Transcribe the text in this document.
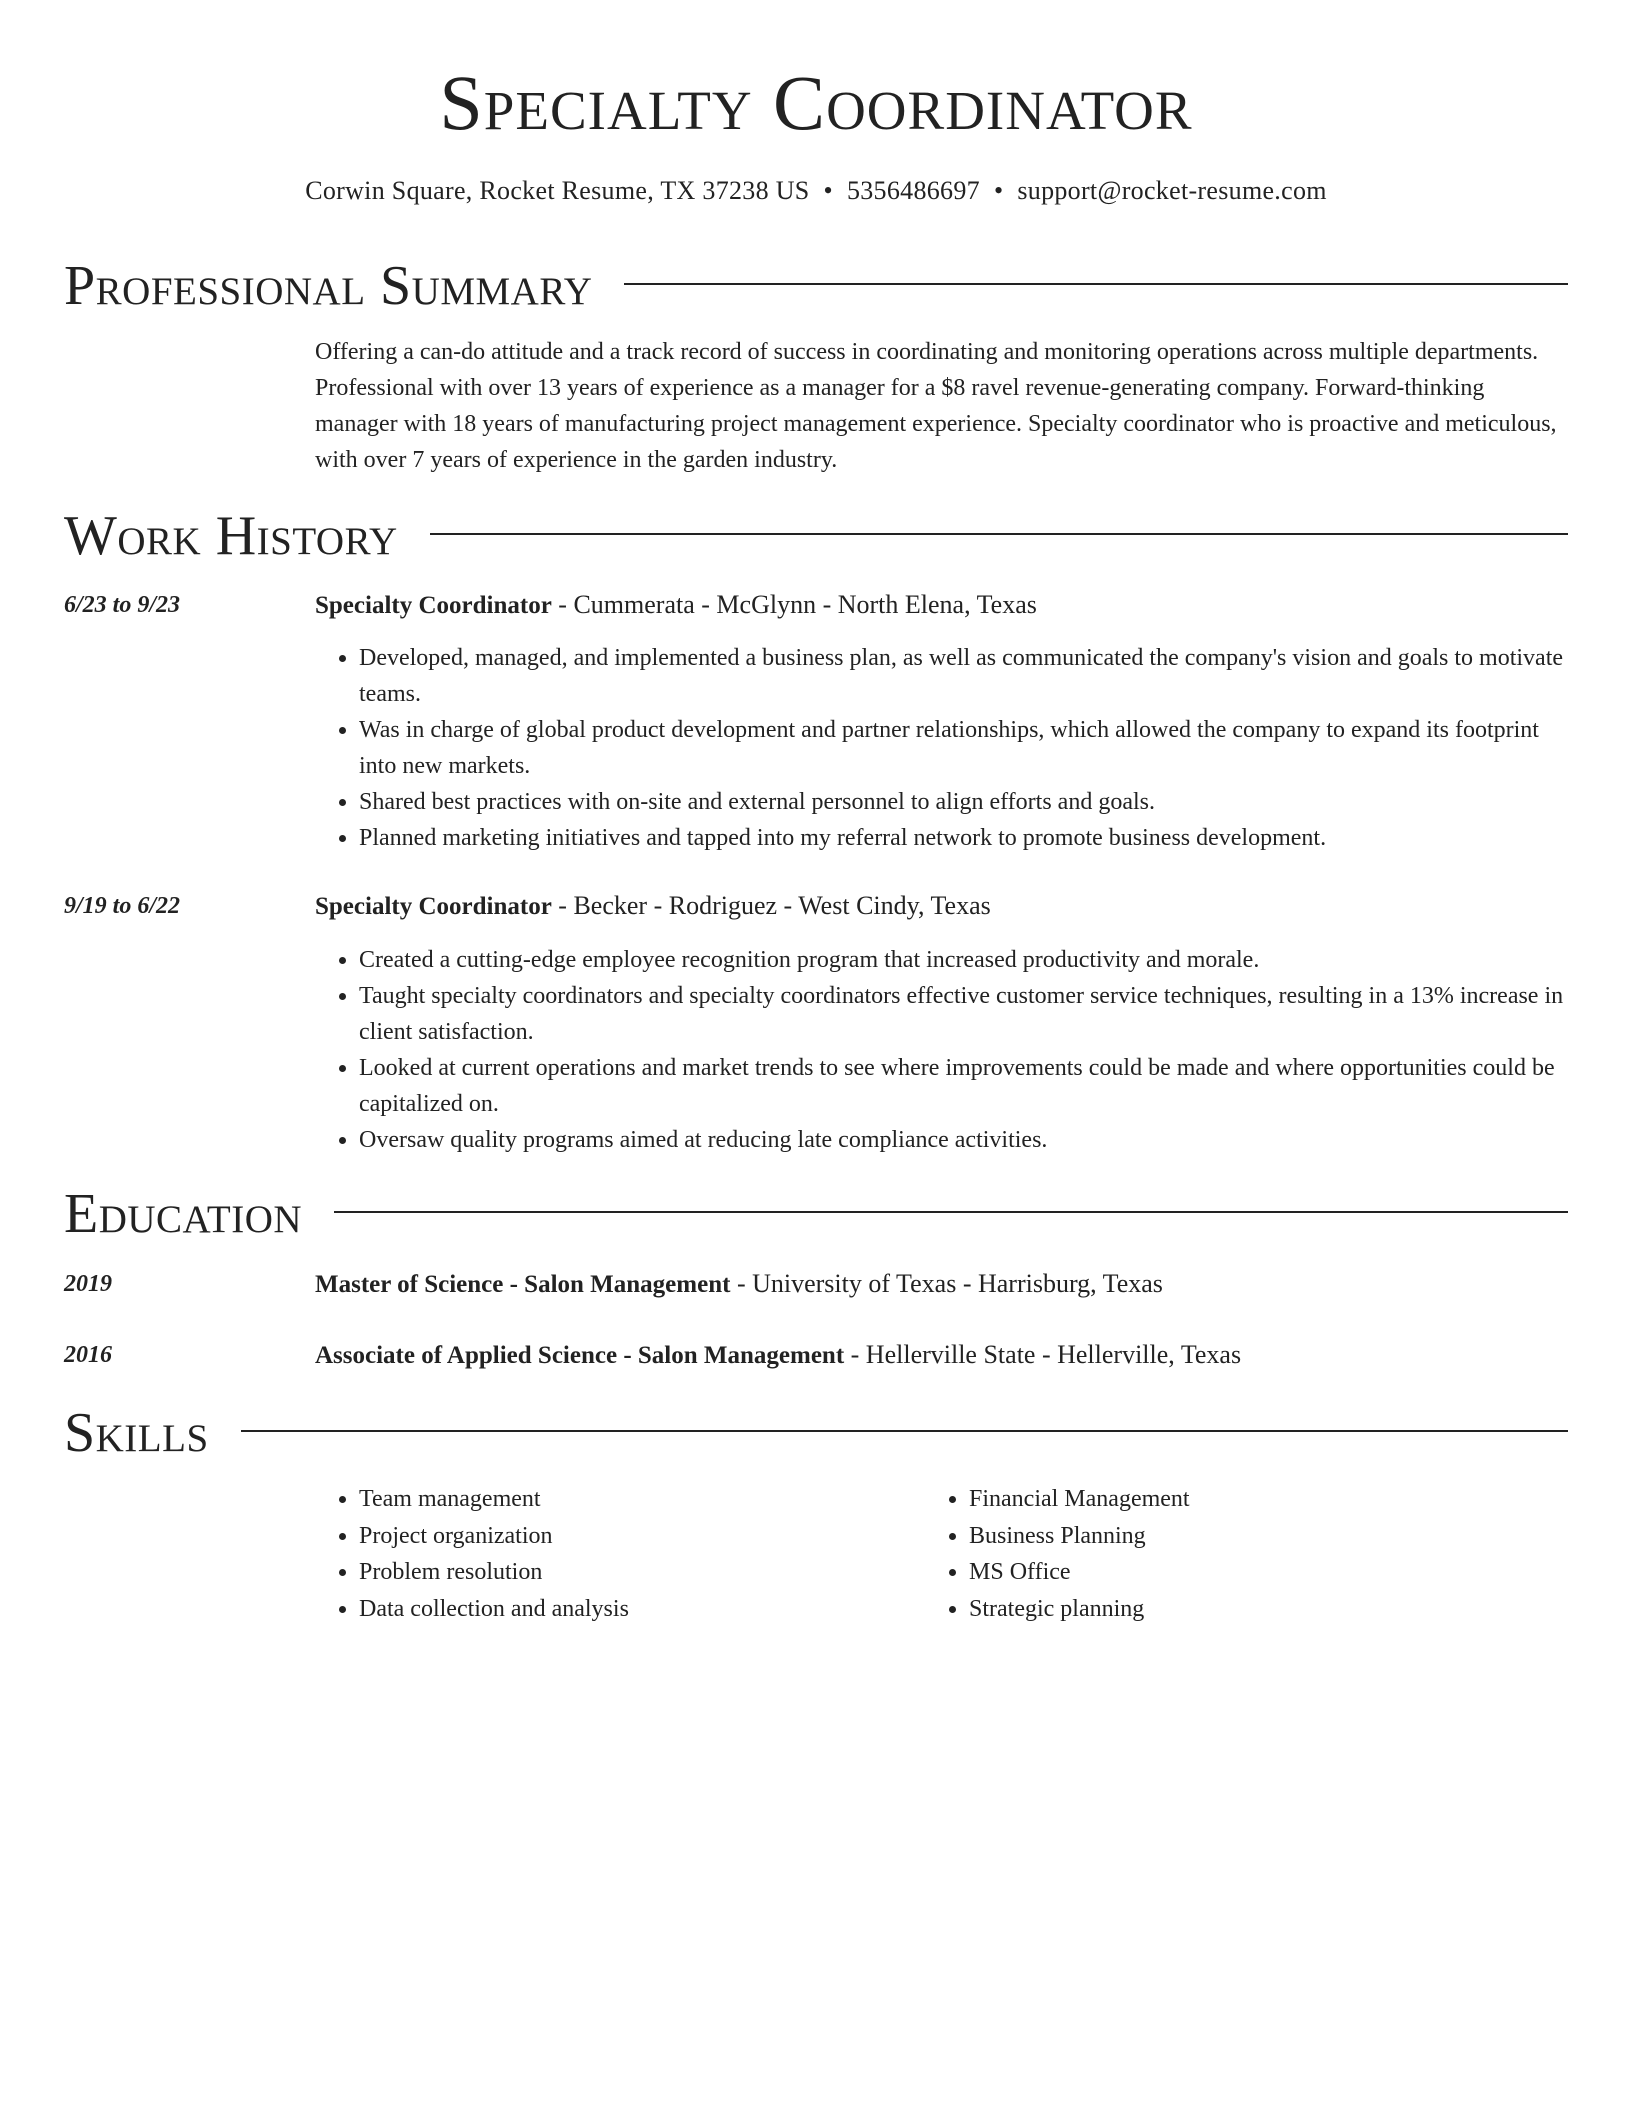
Specialty Coordinator
Corwin Square, Rocket Resume, TX 37238 US • 5356486697 • support@rocket-resume.com
Professional Summary

Offering a can-do attitude and a track record of success in coordinating and monitoring operations across multiple departments. Professional with over 13 years of experience as a manager for a $8 ravel revenue-generating company. Forward-thinking manager with 18 years of manufacturing project management experience. Specialty coordinator who is proactive and meticulous, with over 7 years of experience in the garden industry.

Work History
6/23 to 9/23	Specialty Coordinator - Cummerata - McGlynn - North Elena, Texas
• Developed, managed, and implemented a business plan, as well as communicated the company's vision and goals to motivate teams.
• Was in charge of global product development and partner relationships, which allowed the company to expand its footprint into new markets.
• Shared best practices with on-site and external personnel to align efforts and goals.
• Planned marketing initiatives and tapped into my referral network to promote business development.
9/19 to 6/22	Specialty Coordinator - Becker - Rodriguez - West Cindy, Texas
• Created a cutting-edge employee recognition program that increased productivity and morale.
• Taught specialty coordinators and specialty coordinators effective customer service techniques, resulting in a 13% increase in client satisfaction.
• Looked at current operations and market trends to see where improvements could be made and where opportunities could be capitalized on.
• Oversaw quality programs aimed at reducing late compliance activities.
Education
2019	Master of Science - Salon Management - University of Texas - Harrisburg, Texas
2016	Associate of Applied Science - Salon Management - Hellerville State - Hellerville, Texas
Skills
• Team management
• Project organization
• Problem resolution
• Data collection and analysis
• Financial Management
• Business Planning
• MS Office
• Strategic planning
